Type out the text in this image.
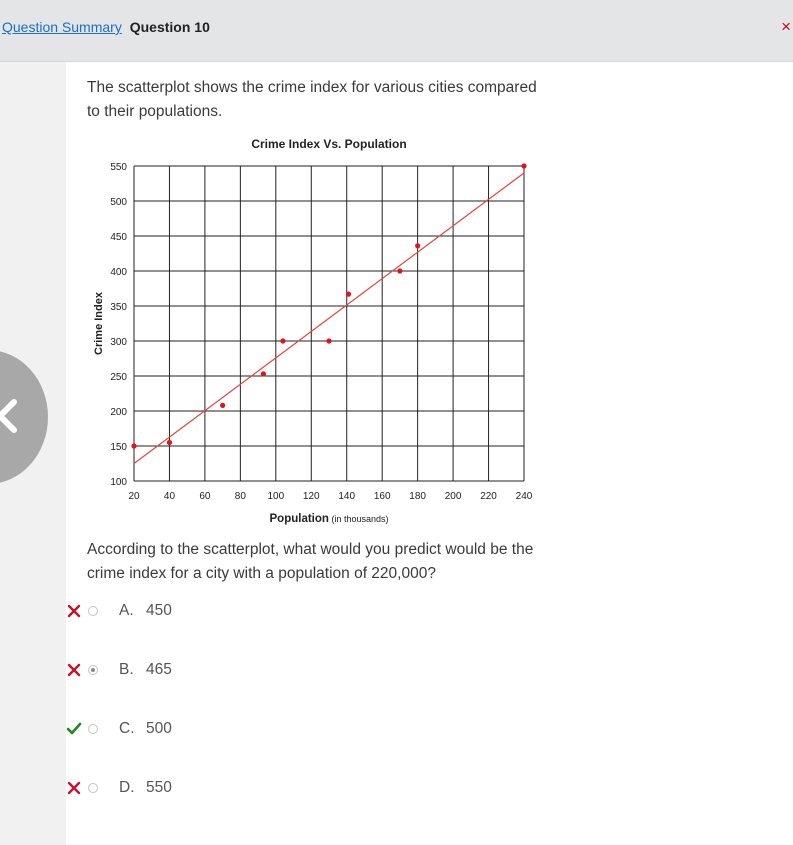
Question Summary Question 10	×
The scatterplot shows the crime index for various cities compared to their populations.
Crime Index Vs. Population
100
150
200
250
300
350
400
450
500
550
20 40 60 80 100 120 140 160 180 200 220 240
Population (in thousands)
Crime Index
According to the scatterplot, what would you predict would be the crime index for a city with a population of 220,000?
A. 450
B. 465
C. 500
D. 550
